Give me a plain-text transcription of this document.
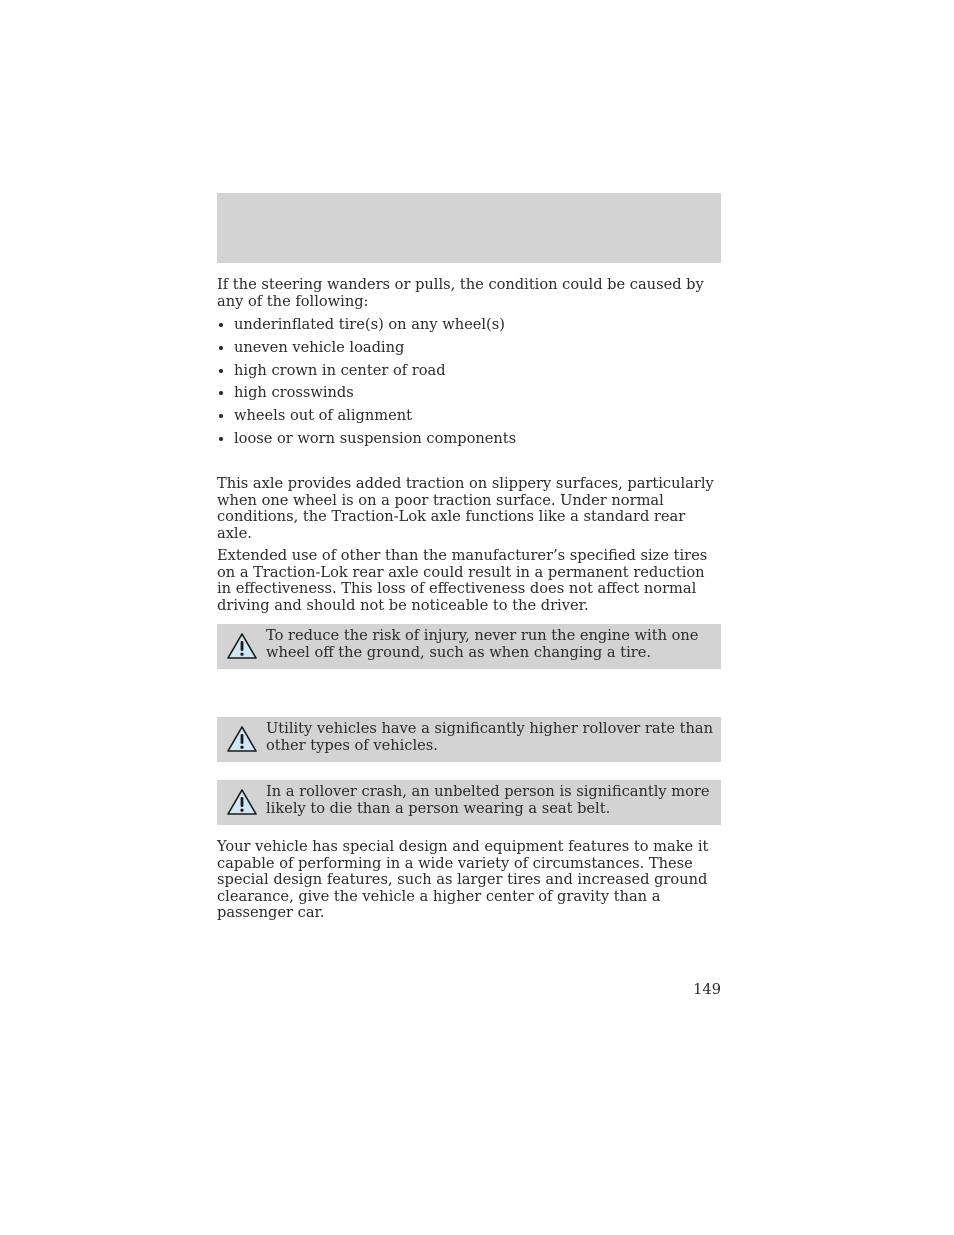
If the steering wanders or pulls, the condition could be caused by any of the following:

underinflated tire(s) on any wheel(s)
uneven vehicle loading
high crown in center of road
high crosswinds
wheels out of alignment
loose or worn suspension components

This axle provides added traction on slippery surfaces, particularly when one wheel is on a poor traction surface. Under normal conditions, the Traction-Lok axle functions like a standard rear axle.

Extended use of other than the manufacturer’s specified size tires on a Traction-Lok rear axle could result in a permanent reduction in effectiveness. This loss of effectiveness does not affect normal driving and should not be noticeable to the driver.

To reduce the risk of injury, never run the engine with one wheel off the ground, such as when changing a tire.
Utility vehicles have a significantly higher rollover rate than other types of vehicles.
In a rollover crash, an unbelted person is significantly more likely to die than a person wearing a seat belt.

Your vehicle has special design and equipment features to make it capable of performing in a wide variety of circumstances. These special design features, such as larger tires and increased ground clearance, give the vehicle a higher center of gravity than a passenger car.

149
